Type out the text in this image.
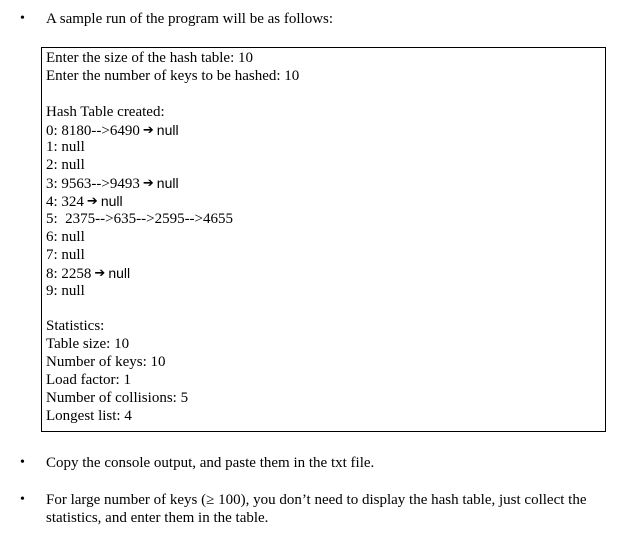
• A sample run of the program will be as follows:
Enter the size of the hash table: 10
Enter the number of keys to be hashed: 10
Hash Table created:
0: 8180-->6490 ➔ null
1: null
2: null
3: 9563-->9493 ➔ null
4: 324 ➔ null
5:  2375-->635-->2595-->4655
6: null
7: null
8: 2258 ➔ null
9: null
Statistics:
Table size: 10
Number of keys: 10
Load factor: 1
Number of collisions: 5
Longest list: 4
• Copy the console output, and paste them in the txt file.
• For large number of keys (≥ 100), you don’t need to display the hash table, just collect the statistics, and enter them in the table.
